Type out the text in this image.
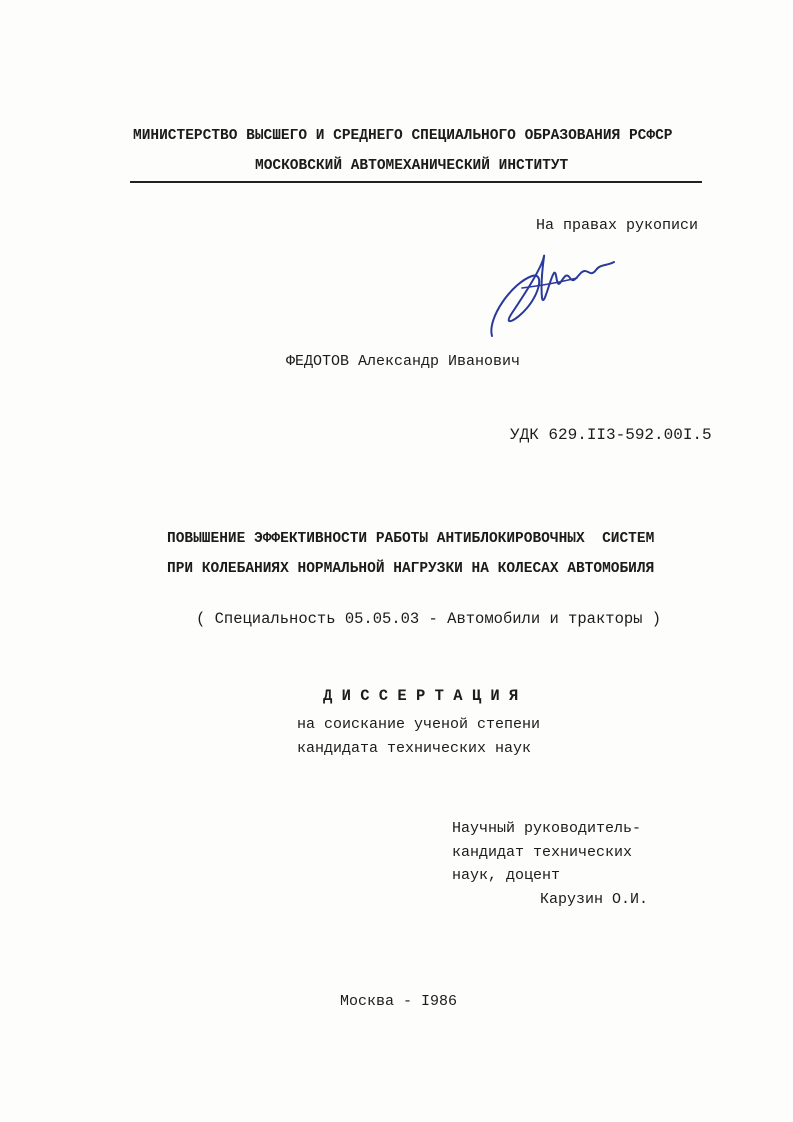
МИНИСТЕРСТВО ВЫСШЕГО И СРЕДНЕГО СПЕЦИАЛЬНОГО ОБРАЗОВАНИЯ РСФСР
МОСКОВСКИЙ АВТОМЕХАНИЧЕСКИЙ ИНСТИТУТ
На правах рукописи
ФЕДОТОВ Александр Иванович
УДК 629.II3-592.00I.5
ПОВЫШЕНИЕ ЭФФЕКТИВНОСТИ РАБОТЫ АНТИБЛОКИРОВОЧНЫХ  СИСТЕМ
ПРИ КОЛЕБАНИЯХ НОРМАЛЬНОЙ НАГРУЗКИ НА КОЛЕСАХ АВТОМОБИЛЯ
( Специальность 05.05.03 - Автомобили и тракторы )
Д И С С Е Р Т А Ц И Я
на соискание ученой степени
кандидата технических наук
Научный руководитель-
кандидат технических
наук, доцент
Карузин О.И.
Москва - I986
